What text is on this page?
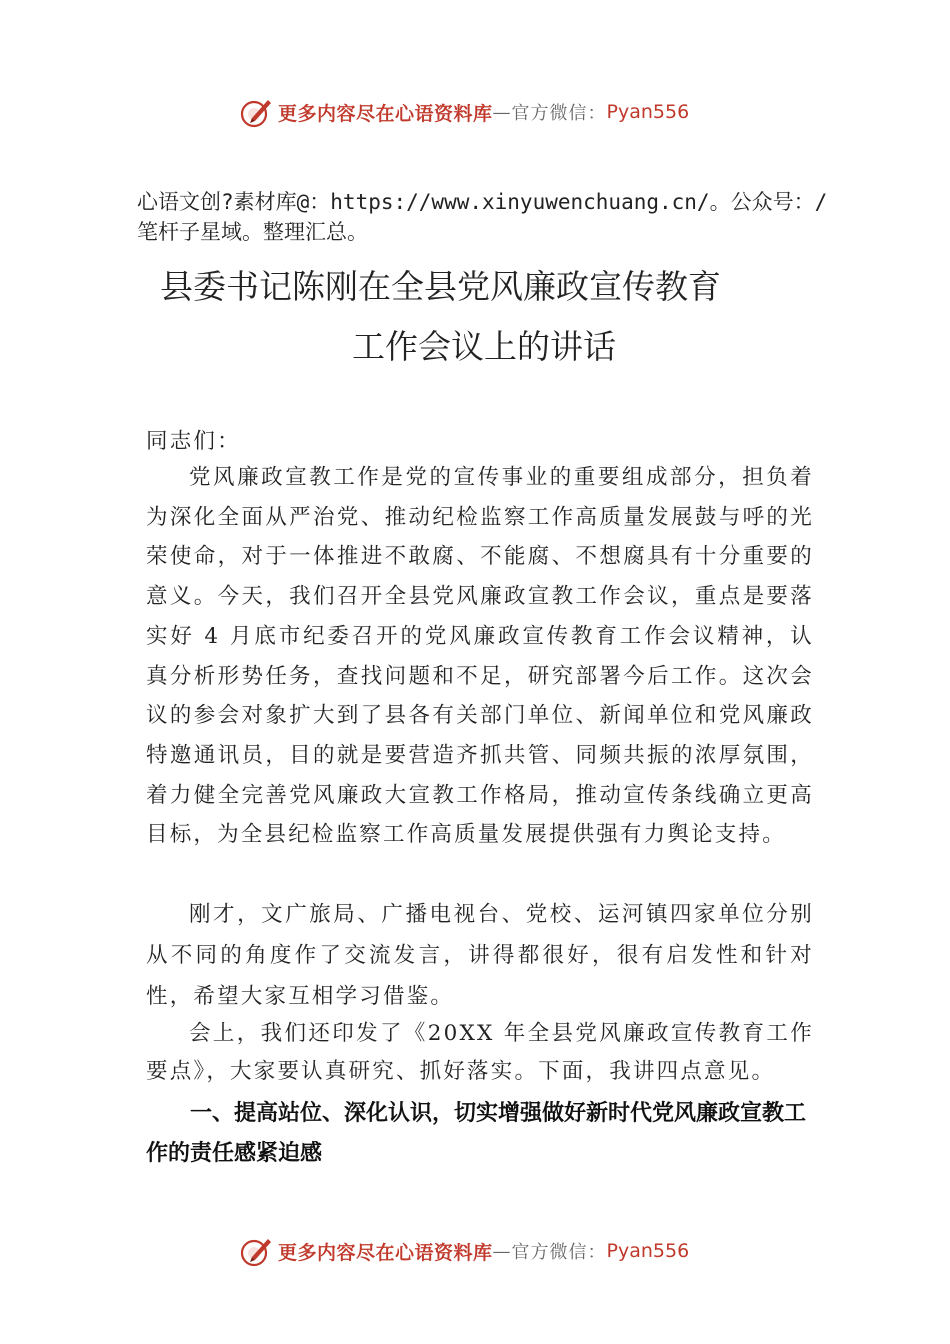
更多内容尽在心语资料库 — 官方微信： Pyan556
心语文创?素材库@：https://www.xinyuwenchuang.cn/。公众号：/笔杆子星域。整理汇总。
县委书记陈刚在全县党风廉政宣传教育
工作会议上的讲话
同志们：
党风廉政宣教工作是党的宣传事业的重要组成部分，担负着为深化全面从严治党、推动纪检监察工作高质量发展鼓与呼的光荣使命，对于一体推进不敢腐、不能腐、不想腐具有十分重要的意义。今天，我们召开全县党风廉政宣教工作会议，重点是要落实好 4 月底市纪委召开的党风廉政宣传教育工作会议精神，认真分析形势任务，查找问题和不足，研究部署今后工作。这次会议的参会对象扩大到了县各有关部门单位、新闻单位和党风廉政特邀通讯员，目的就是要营造齐抓共管、同频共振的浓厚氛围，着力健全完善党风廉政大宣教工作格局，推动宣传条线确立更高目标，为全县纪检监察工作高质量发展提供强有力舆论支持。
刚才，文广旅局、广播电视台、党校、运河镇四家单位分别从不同的角度作了交流发言，讲得都很好，很有启发性和针对性，希望大家互相学习借鉴。
会上，我们还印发了《20XX 年全县党风廉政宣传教育工作要点》，大家要认真研究、抓好落实。下面，我讲四点意见。
一、提高站位、深化认识，切实增强做好新时代党风廉政宣教工作的责任感紧迫感
更多内容尽在心语资料库 — 官方微信： Pyan556
